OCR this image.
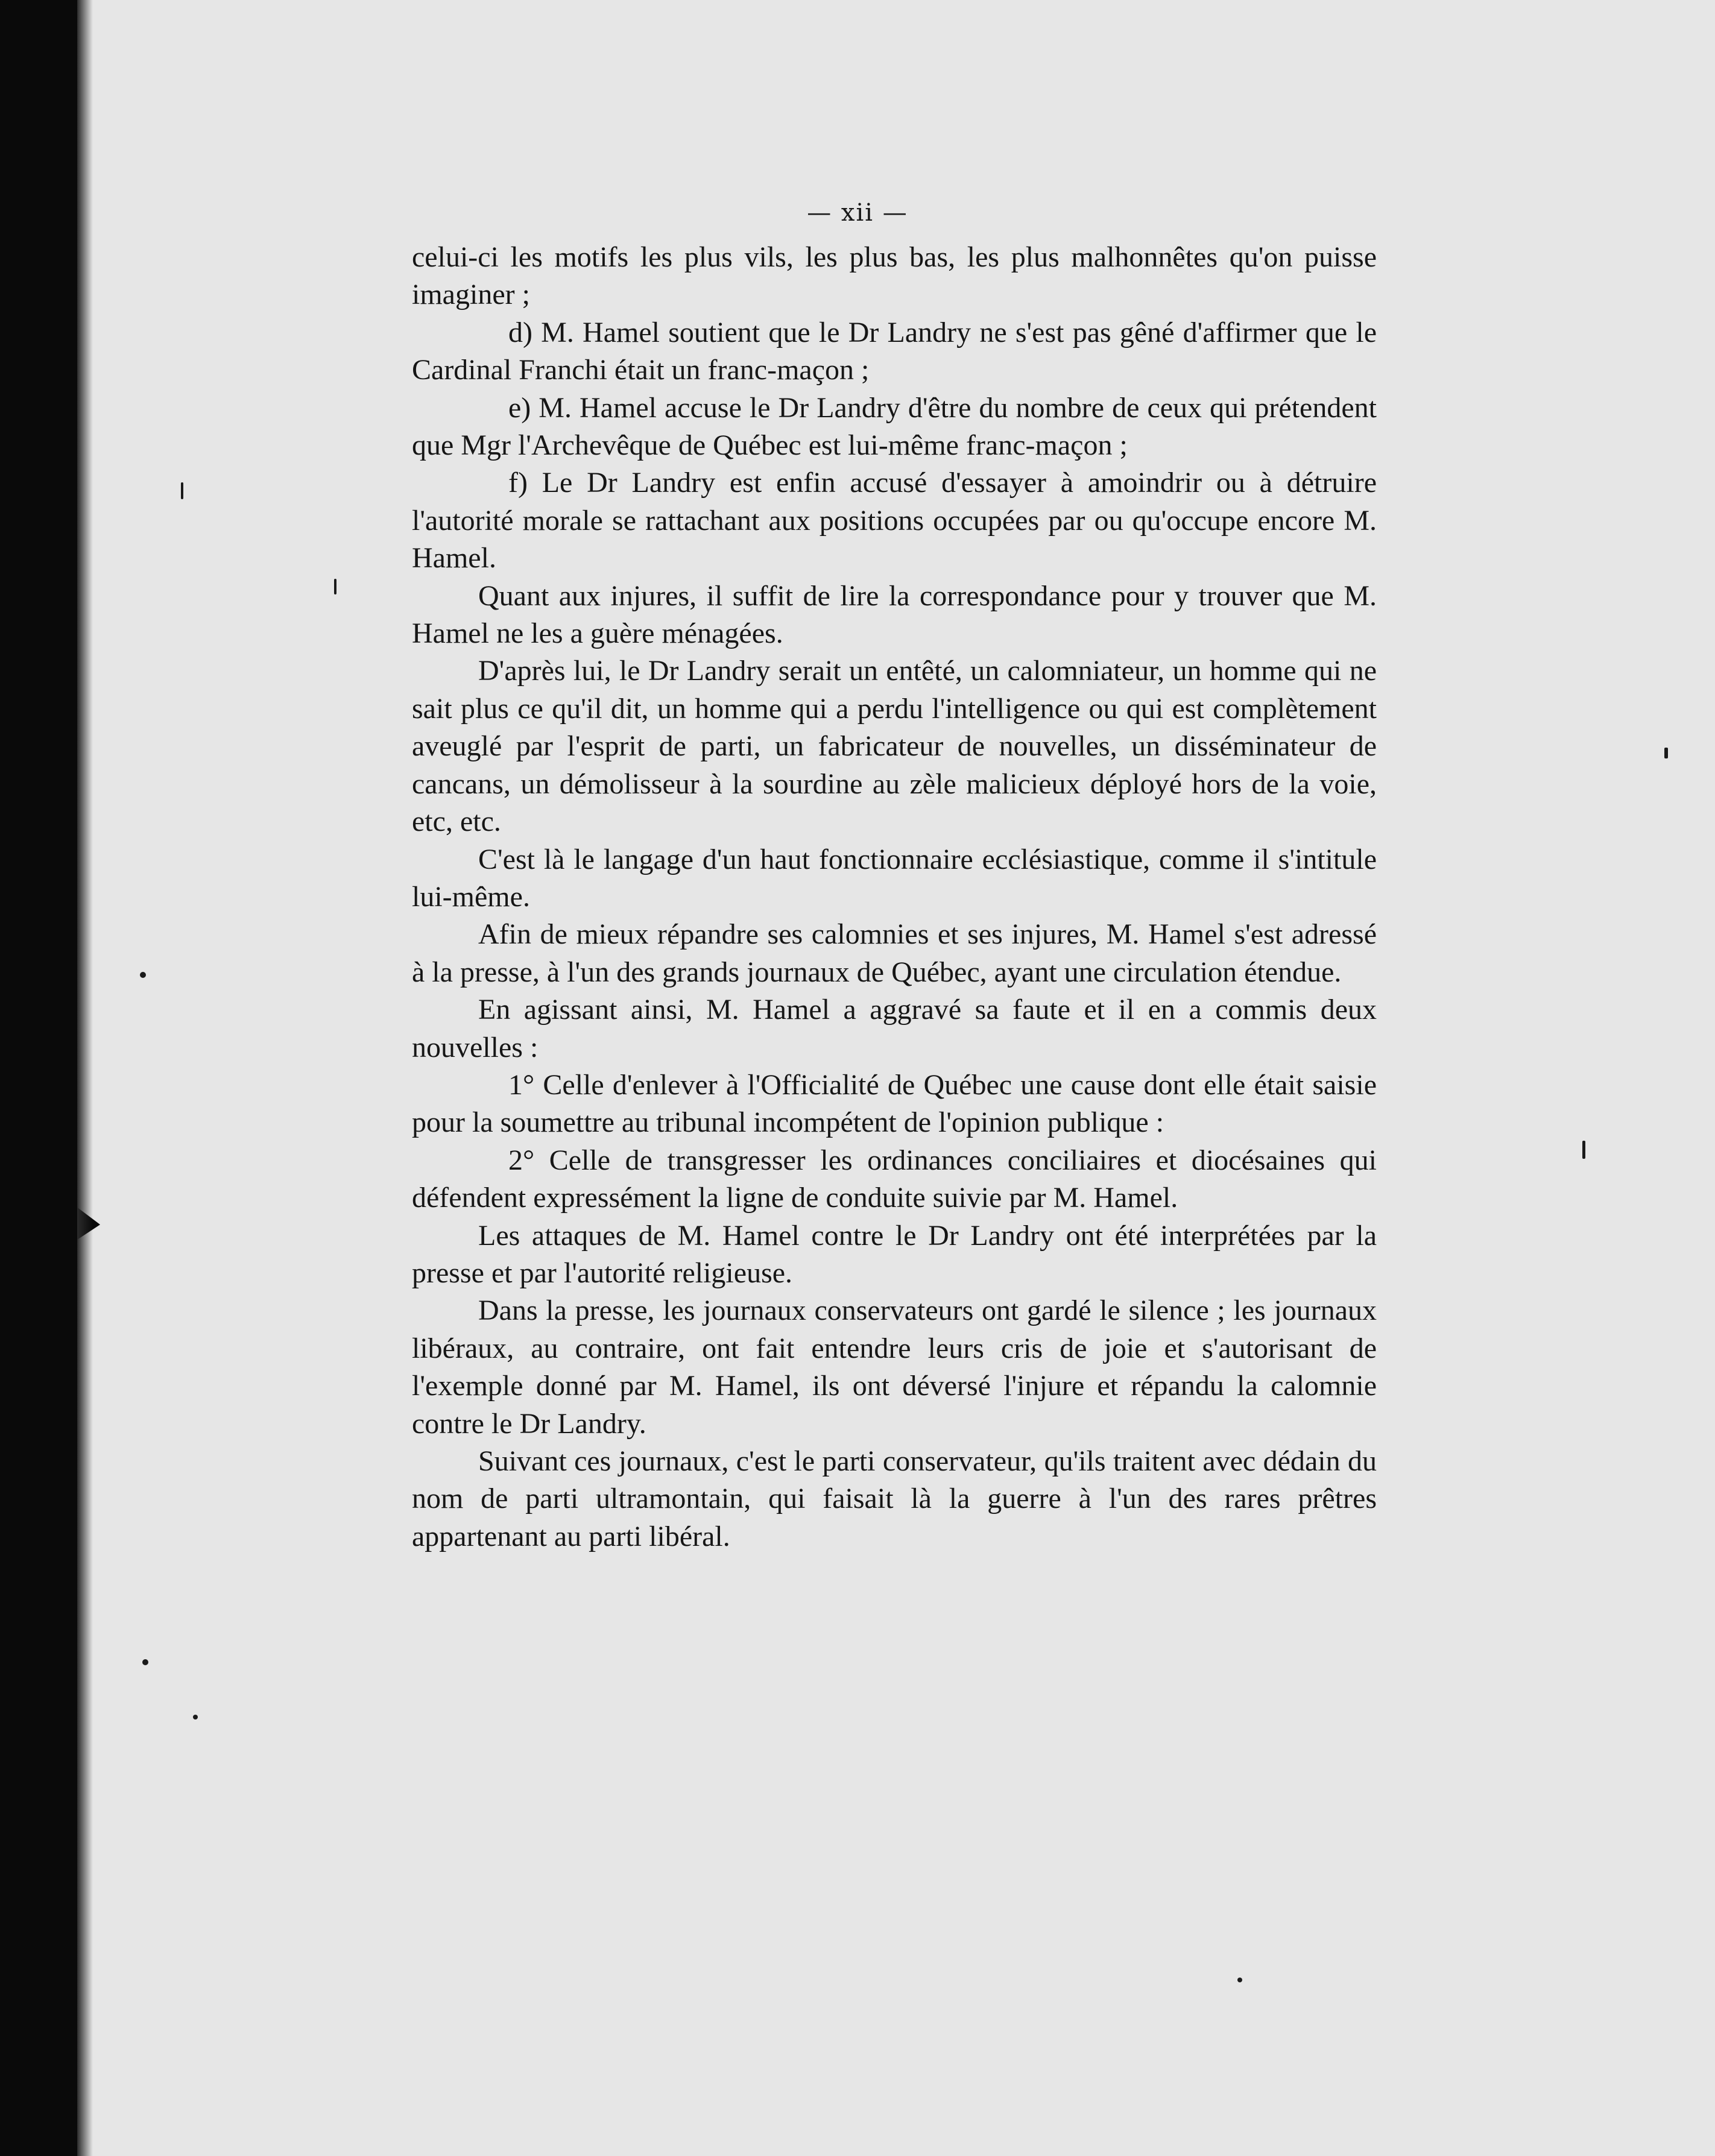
— xii —

celui-ci les motifs les plus vils, les plus bas, les plus malhonnêtes qu'on puisse imaginer ;

d) M. Hamel soutient que le Dr Landry ne s'est pas gêné d'affirmer que le Cardinal Franchi était un franc-maçon ;

e) M. Hamel accuse le Dr Landry d'être du nombre de ceux qui prétendent que Mgr l'Archevêque de Québec est lui-même franc-maçon ;

f) Le Dr Landry est enfin accusé d'essayer à amoindrir ou à détruire l'autorité morale se rattachant aux positions occupées par ou qu'occupe encore M. Hamel.

Quant aux injures, il suffit de lire la correspondance pour y trouver que M. Hamel ne les a guère ménagées.

D'après lui, le Dr Landry serait un entêté, un calomniateur, un homme qui ne sait plus ce qu'il dit, un homme qui a perdu l'intelligence ou qui est complètement aveuglé par l'esprit de parti, un fabricateur de nouvelles, un disséminateur de cancans, un démolisseur à la sourdine au zèle malicieux déployé hors de la voie, etc, etc.

C'est là le langage d'un haut fonctionnaire ecclésiastique, comme il s'intitule lui-même.

Afin de mieux répandre ses calomnies et ses injures, M. Hamel s'est adressé à la presse, à l'un des grands journaux de Québec, ayant une circulation étendue.

En agissant ainsi, M. Hamel a aggravé sa faute et il en a commis deux nouvelles :

1° Celle d'enlever à l'Officialité de Québec une cause dont elle était saisie pour la soumettre au tribunal incompétent de l'opinion publique :

2° Celle de transgresser les ordinances conciliaires et diocésaines qui défendent expressément la ligne de conduite suivie par M. Hamel.

Les attaques de M. Hamel contre le Dr Landry ont été interprétées par la presse et par l'autorité religieuse.

Dans la presse, les journaux conservateurs ont gardé le silence ; les journaux libéraux, au contraire, ont fait entendre leurs cris de joie et s'autorisant de l'exemple donné par M. Hamel, ils ont déversé l'injure et répandu la calomnie contre le Dr Landry.

Suivant ces journaux, c'est le parti conservateur, qu'ils traitent avec dédain du nom de parti ultramontain, qui faisait là la guerre à l'un des rares prêtres appartenant au parti libéral.
